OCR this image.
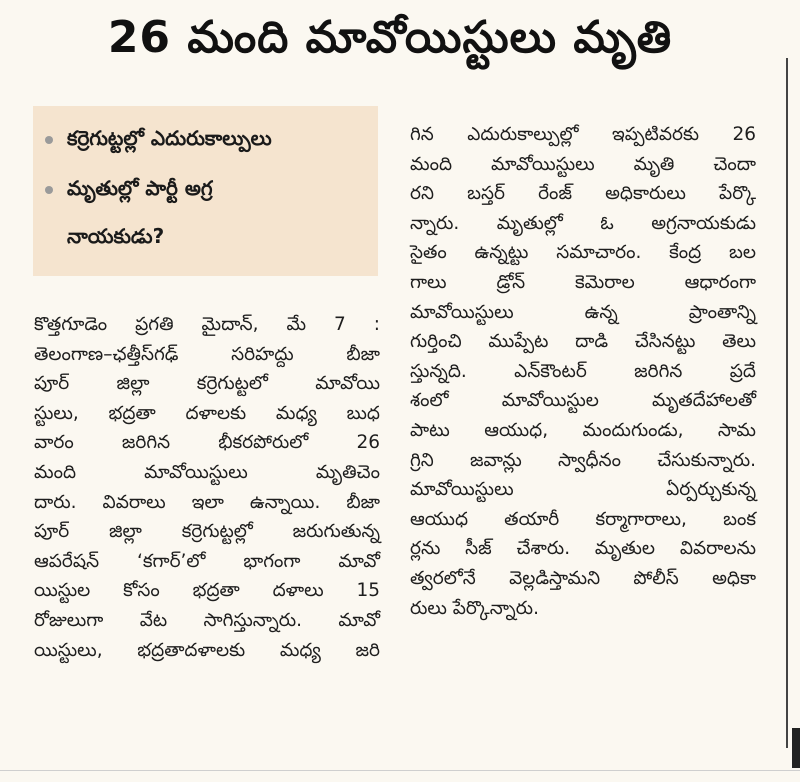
26 మంది మావోయిస్టులు మృతి
కర్రెగుట్టల్లో ఎదురుకాల్పులు
మృతుల్లో పార్టీ అగ్ర
నాయకుడు?

కొత్తగూడెం ప్రగతి మైదాన్, మే 7 :

తెలంగాణ–ఛత్తీస్‌గఢ్ సరిహద్దు బీజా

పూర్ జిల్లా కర్రెగుట్టలో మావోయి

స్టులు, భద్రతా దళాలకు మధ్య బుధ

వారం జరిగిన భీకరపోరులో 26

మంది మావోయిస్టులు మృతిచెం

దారు. వివరాలు ఇలా ఉన్నాయి. బీజా

పూర్ జిల్లా కర్రెగుట్టల్లో జరుగుతున్న

ఆపరేషన్ ‘కగార్’లో భాగంగా మావో

యిస్టుల కోసం భద్రతా దళాలు 15

రోజులుగా వేట సాగిస్తున్నారు. మావో

యిస్టులు, భద్రతాదళాలకు మధ్య జరి

గిన ఎదురుకాల్పుల్లో ఇప్పటివరకు 26

మంది మావోయిస్టులు మృతి చెందా

రని బస్తర్ రేంజ్ అధికారులు పేర్కొ

న్నారు. మృతుల్లో ఓ అగ్రనాయకుడు

సైతం ఉన్నట్టు సమాచారం. కేంద్ర బల

గాలు డ్రోన్ కెమెరాల ఆధారంగా

మావోయిస్టులు ఉన్న ప్రాంతాన్ని

గుర్తించి ముప్పేట దాడి చేసినట్టు తెలు

స్తున్నది. ఎన్‌కౌంటర్ జరిగిన ప్రదే

శంలో మావోయిస్టుల మృతదేహాలతో

పాటు ఆయుధ, మందుగుండు, సామ

గ్రిని జవాన్లు స్వాధీనం చేసుకున్నారు.

మావోయిస్టులు ఏర్పర్చుకున్న

ఆయుధ తయారీ కర్మాగారాలు, బంక

ర్లను సీజ్ చేశారు. మృతుల వివరాలను

త్వరలోనే వెల్లడిస్తామని పోలీస్ అధికా

రులు పేర్కొన్నారు.
